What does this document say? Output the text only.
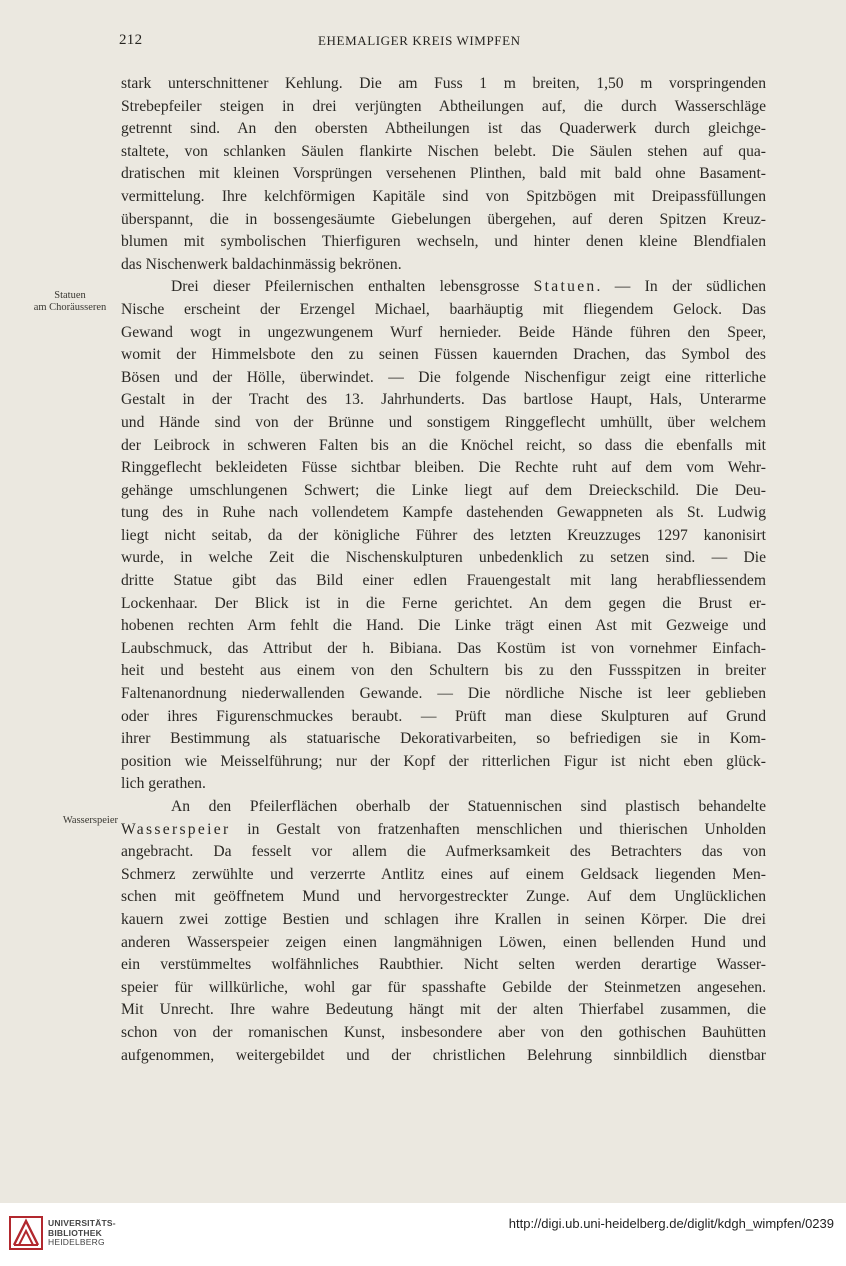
212	EHEMALIGER KREIS WIMPFEN
Statuen
am Choräusseren
Wasserspeier
stark unterschnittener Kehlung. Die am Fuss 1 m breiten, 1,50 m vorspringenden
Strebepfeiler steigen in drei verjüngten Abtheilungen auf, die durch Wasserschläge
getrennt sind. An den obersten Abtheilungen ist das Quaderwerk durch gleichge-
staltete, von schlanken Säulen flankirte Nischen belebt. Die Säulen stehen auf qua-
dratischen mit kleinen Vorsprüngen versehenen Plinthen, bald mit bald ohne Basament-
vermittelung. Ihre kelchförmigen Kapitäle sind von Spitzbögen mit Dreipassfüllungen
überspannt, die in bossengesäumte Giebelungen übergehen, auf deren Spitzen Kreuz-
blumen mit symbolischen Thierfiguren wechseln, und hinter denen kleine Blendfialen
das Nischenwerk baldachinmässig bekrönen.
Drei dieser Pfeilernischen enthalten lebensgrosse Statuen. — In der südlichen
Nische erscheint der Erzengel Michael, baarhäuptig mit fliegendem Gelock. Das
Gewand wogt in ungezwungenem Wurf hernieder. Beide Hände führen den Speer,
womit der Himmelsbote den zu seinen Füssen kauernden Drachen, das Symbol des
Bösen und der Hölle, überwindet. — Die folgende Nischenfigur zeigt eine ritterliche
Gestalt in der Tracht des 13. Jahrhunderts. Das bartlose Haupt, Hals, Unterarme
und Hände sind von der Brünne und sonstigem Ringgeflecht umhüllt, über welchem
der Leibrock in schweren Falten bis an die Knöchel reicht, so dass die ebenfalls mit
Ringgeflecht bekleideten Füsse sichtbar bleiben. Die Rechte ruht auf dem vom Wehr-
gehänge umschlungenen Schwert; die Linke liegt auf dem Dreieckschild. Die Deu-
tung des in Ruhe nach vollendetem Kampfe dastehenden Gewappneten als St. Ludwig
liegt nicht seitab, da der königliche Führer des letzten Kreuzzuges 1297 kanonisirt
wurde, in welche Zeit die Nischenskulpturen unbedenklich zu setzen sind. — Die
dritte Statue gibt das Bild einer edlen Frauengestalt mit lang herabfliessendem
Lockenhaar. Der Blick ist in die Ferne gerichtet. An dem gegen die Brust er-
hobenen rechten Arm fehlt die Hand. Die Linke trägt einen Ast mit Gezweige und
Laubschmuck, das Attribut der h. Bibiana. Das Kostüm ist von vornehmer Einfach-
heit und besteht aus einem von den Schultern bis zu den Fussspitzen in breiter
Faltenanordnung niederwallenden Gewande. — Die nördliche Nische ist leer geblieben
oder ihres Figurenschmuckes beraubt. — Prüft man diese Skulpturen auf Grund
ihrer Bestimmung als statuarische Dekorativarbeiten, so befriedigen sie in Kom-
position wie Meisselführung; nur der Kopf der ritterlichen Figur ist nicht eben glück-
lich gerathen.
An den Pfeilerflächen oberhalb der Statuennischen sind plastisch behandelte
Wasserspeier in Gestalt von fratzenhaften menschlichen und thierischen Unholden
angebracht. Da fesselt vor allem die Aufmerksamkeit des Betrachters das von
Schmerz zerwühlte und verzerrte Antlitz eines auf einem Geldsack liegenden Men-
schen mit geöffnetem Mund und hervorgestreckter Zunge. Auf dem Unglücklichen
kauern zwei zottige Bestien und schlagen ihre Krallen in seinen Körper. Die drei
anderen Wasserspeier zeigen einen langmähnigen Löwen, einen bellenden Hund und
ein verstümmeltes wolfähnliches Raubthier. Nicht selten werden derartige Wasser-
speier für willkürliche, wohl gar für spasshafte Gebilde der Steinmetzen angesehen.
Mit Unrecht. Ihre wahre Bedeutung hängt mit der alten Thierfabel zusammen, die
schon von der romanischen Kunst, insbesondere aber von den gothischen Bauhütten
aufgenommen, weitergebildet und der christlichen Belehrung sinnbildlich dienstbar
UNIVERSITÄTS-
BIBLIOTHEK
HEIDELBERG
http://digi.ub.uni-heidelberg.de/diglit/kdgh_wimpfen/0239
